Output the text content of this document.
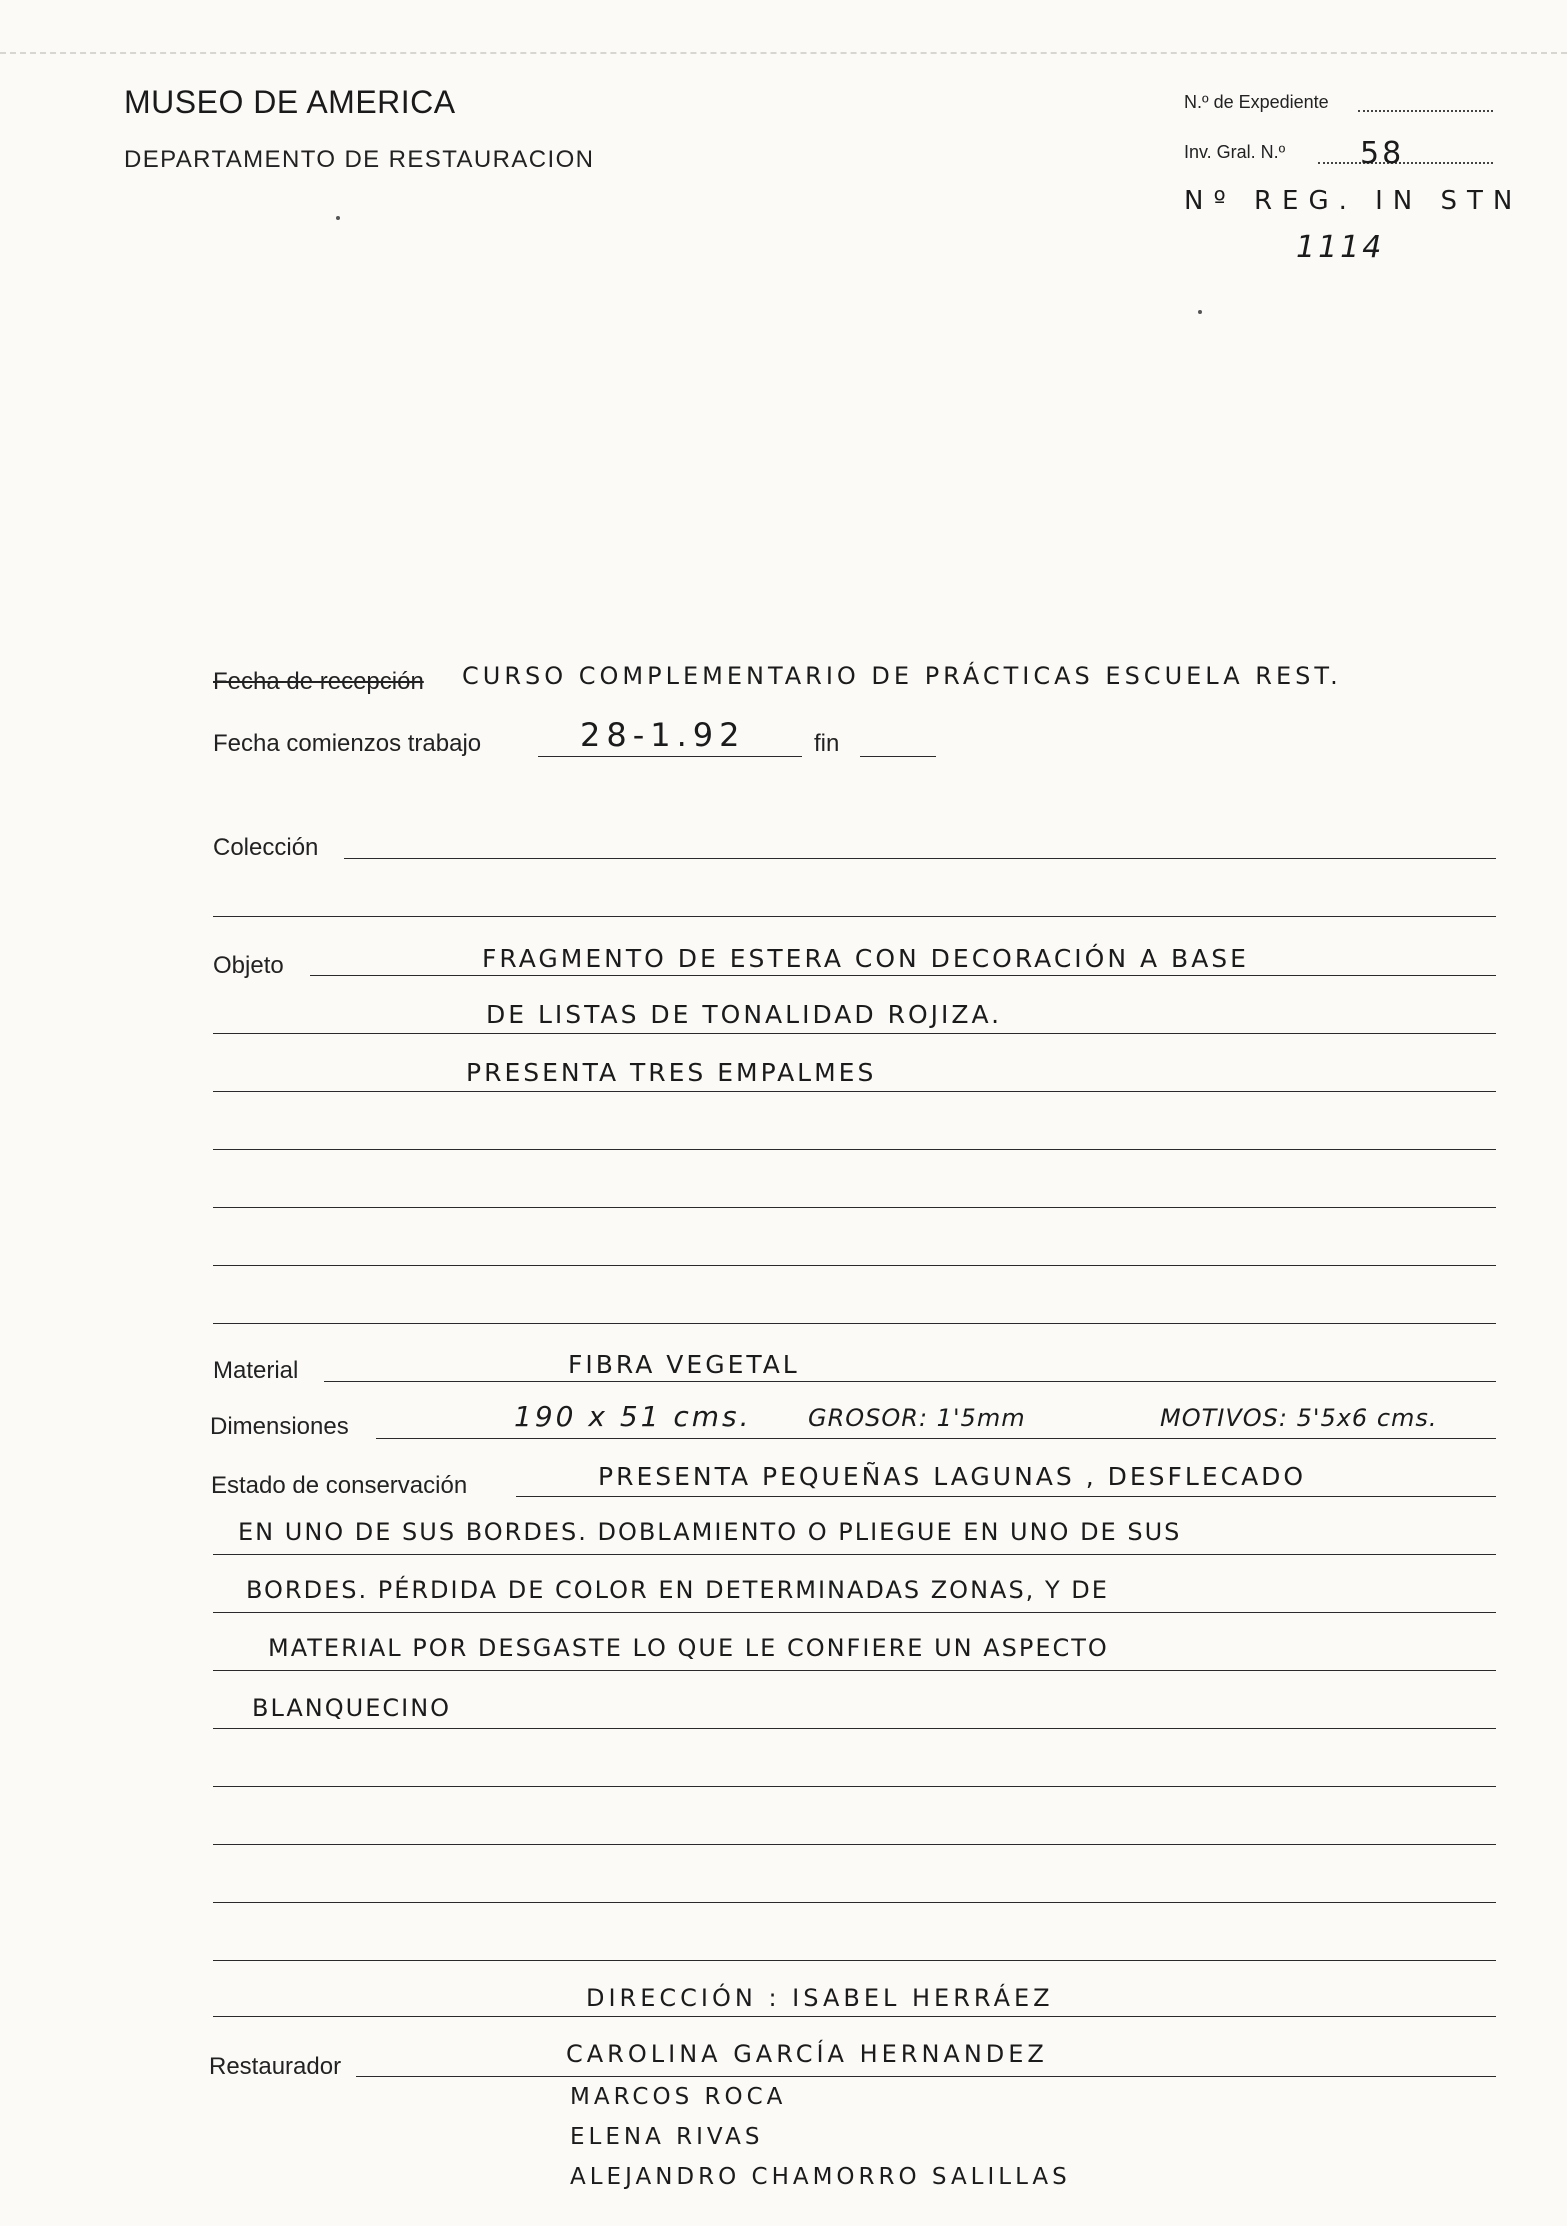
MUSEO DE AMERICA
DEPARTAMENTO DE RESTAURACION
N.º de Expediente
Inv. Gral. N.º 58
Nº REG. IN STN
1114
Fecha de recepción CURSO COMPLEMENTARIO DE PRÁCTICAS ESCUELA REST.
Fecha comienzos trabajo	28-1.92	fin
Colección
Objeto	FRAGMENTO DE ESTERA CON DECORACIÓN A BASE
DE LISTAS DE TONALIDAD ROJIZA.
PRESENTA TRES EMPALMES
Material	FIBRA VEGETAL
Dimensiones	190 x 51 cms. GROSOR: 1'5mm	MOTIVOS: 5'5x6 cms.
Estado de conservación	PRESENTA PEQUEÑAS LAGUNAS , DESFLECADO
EN UNO DE SUS BORDES. DOBLAMIENTO O PLIEGUE EN UNO DE SUS
BORDES. PÉRDIDA DE COLOR EN DETERMINADAS ZONAS, Y DE
MATERIAL POR DESGASTE LO QUE LE CONFIERE UN ASPECTO
BLANQUECINO
DIRECCIÓN : ISABEL HERRÁEZ
Restaurador	CAROLINA GARCÍA HERNANDEZ
MARCOS ROCA
ELENA RIVAS
ALEJANDRO CHAMORRO SALILLAS
